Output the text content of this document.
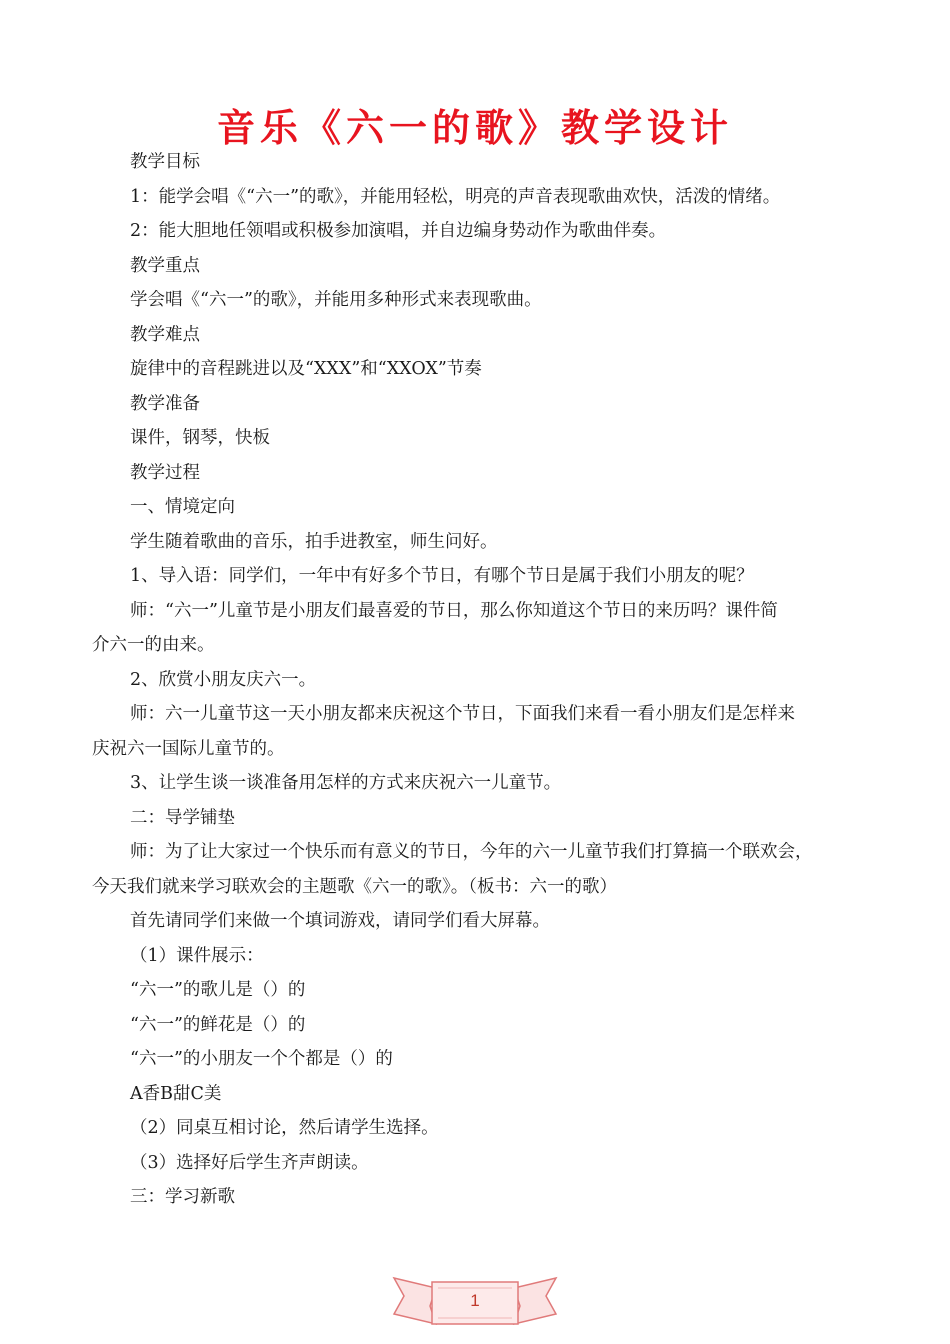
音乐《六一的歌》教学设计
教学目标
1：能学会唱《“六一”的歌》，并能用轻松，明亮的声音表现歌曲欢快，活泼的情绪。
2：能大胆地任领唱或积极参加演唱，并自边编身势动作为歌曲伴奏。
教学重点
学会唱《“六一”的歌》，并能用多种形式来表现歌曲。
教学难点
旋律中的音程跳进以及“XXX”和“XXOX”节奏
教学准备
课件，钢琴，快板
教学过程
一、情境定向
学生随着歌曲的音乐，拍手进教室，师生问好。
1、导入语：同学们，一年中有好多个节日，有哪个节日是属于我们小朋友的呢？
师：“六一”儿童节是小朋友们最喜爱的节日，那么你知道这个节日的来历吗？课件简
介六一的由来。
2、欣赏小朋友庆六一。
师：六一儿童节这一天小朋友都来庆祝这个节日，下面我们来看一看小朋友们是怎样来
庆祝六一国际儿童节的。
3、让学生谈一谈准备用怎样的方式来庆祝六一儿童节。
二：导学铺垫
师：为了让大家过一个快乐而有意义的节日，今年的六一儿童节我们打算搞一个联欢会，
今天我们就来学习联欢会的主题歌《六一的歌》。（板书：六一的歌）
首先请同学们来做一个填词游戏，请同学们看大屏幕。
（1）课件展示：
“六一”的歌儿是（）的
“六一”的鲜花是（）的
“六一”的小朋友一个个都是（）的
A香B甜C美
（2）同桌互相讨论，然后请学生选择。
（3）选择好后学生齐声朗读。
三：学习新歌
1
